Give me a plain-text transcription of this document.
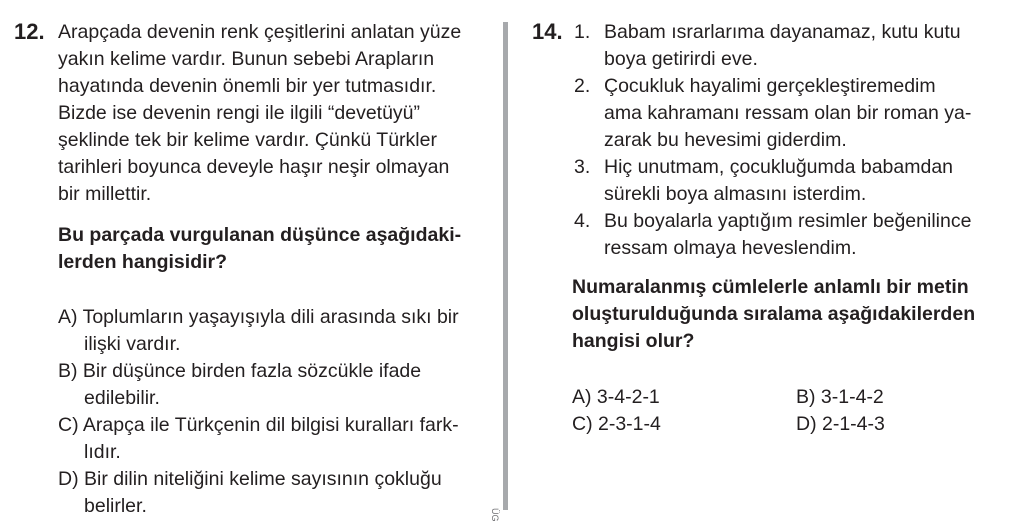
12. Arapçada devenin renk çeşitlerini anlatan yüze
yakın kelime vardır. Bunun sebebi Arapların
hayatında devenin önemli bir yer tutmasıdır.
Bizde ise devenin rengi ile ilgili “devetüyü”
şeklinde tek bir kelime vardır. Çünkü Türkler
tarihleri boyunca deveyle haşır neşir olmayan
bir millettir.
Bu parçada vurgulanan düşünce aşağıdaki-
lerden hangisidir?
A) Toplumların yaşayışıyla dili arasında sıkı bir
ilişki vardır.
B) Bir düşünce birden fazla sözcükle ifade
edilebilir.
C) Arapça ile Türkçenin dil bilgisi kuralları fark-
lıdır.
D) Bir dilin niteliğini kelime sayısının çokluğu
belirler.	ÜG
14. 1. Babam ısrarlarıma dayanamaz, kutu kutu
boya getirirdi eve.
2. Çocukluk hayalimi gerçekleştiremedim
ama kahramanı ressam olan bir roman ya-
zarak bu hevesimi giderdim.
3. Hiç unutmam, çocukluğumda babamdan
sürekli boya almasını isterdim.
4. Bu boyalarla yaptığım resimler beğenilince
ressam olmaya heveslendim.
Numaralanmış cümlelerle anlamlı bir metin
oluşturulduğunda sıralama aşağıdakilerden
hangisi olur?
A) 3-4-2-1	B) 3-1-4-2
C) 2-3-1-4	D) 2-1-4-3
